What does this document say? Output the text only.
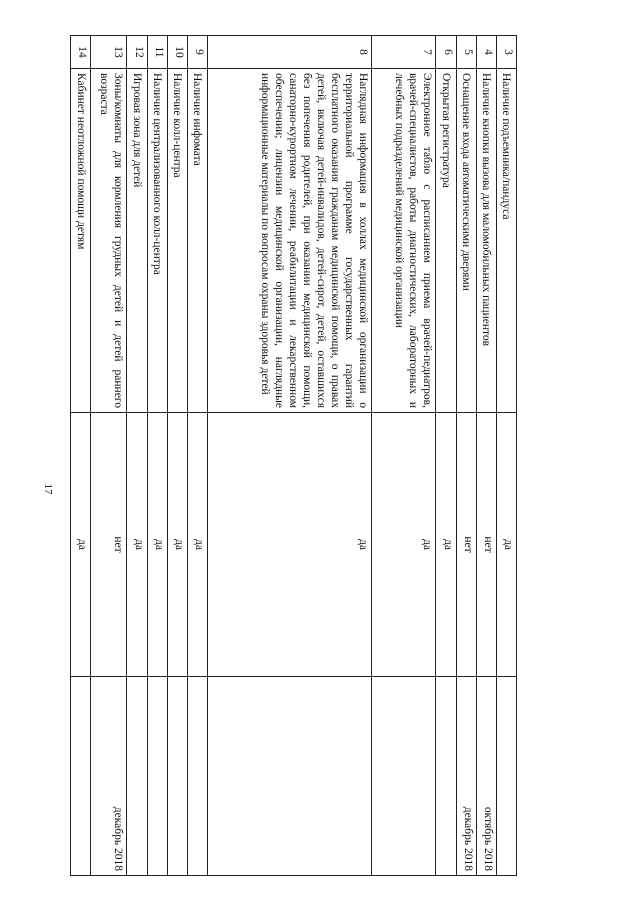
17
3	Наличие подъемника/пандуса	да	
4	Наличие кнопки вызова для маломобильных пациентов	нет	октябрь 2018
5	Оснащение входа автоматическими дверями	нет	декабрь 2018
6	Открытая регистратура	да	
7	Электронное табло с расписанием приема врачей-педиатров, врачей-специалистов, работы диагностических, лабораторных и лечебных подразделений медицинской организации	да	
8	Наглядная информация в холлах медицинской организации о территориальной программе государственных гарантий бесплатного оказания гражданам медицинской помощи, о правах детей, включая детей-инвалидов, детей-сирот, детей, оставшихся без попечения родителей, при оказании медицинской помощи, санаторно-курортном лечении, реабилитации и лекарственном обеспечении; лицензии медицинской организации, наглядные информационные материалы по вопросам охраны здоровья детей	да	
9	Наличие инфомата	да	
10	Наличие колл-центра	да	
11	Наличие централизованного колл-центра	да	
12	Игровая зона для детей	да	
13	Зоны/комнаты для кормления грудных детей и детей раннего возраста	нет	декабрь 2018
14	Кабинет неотложной помощи детям	да	
